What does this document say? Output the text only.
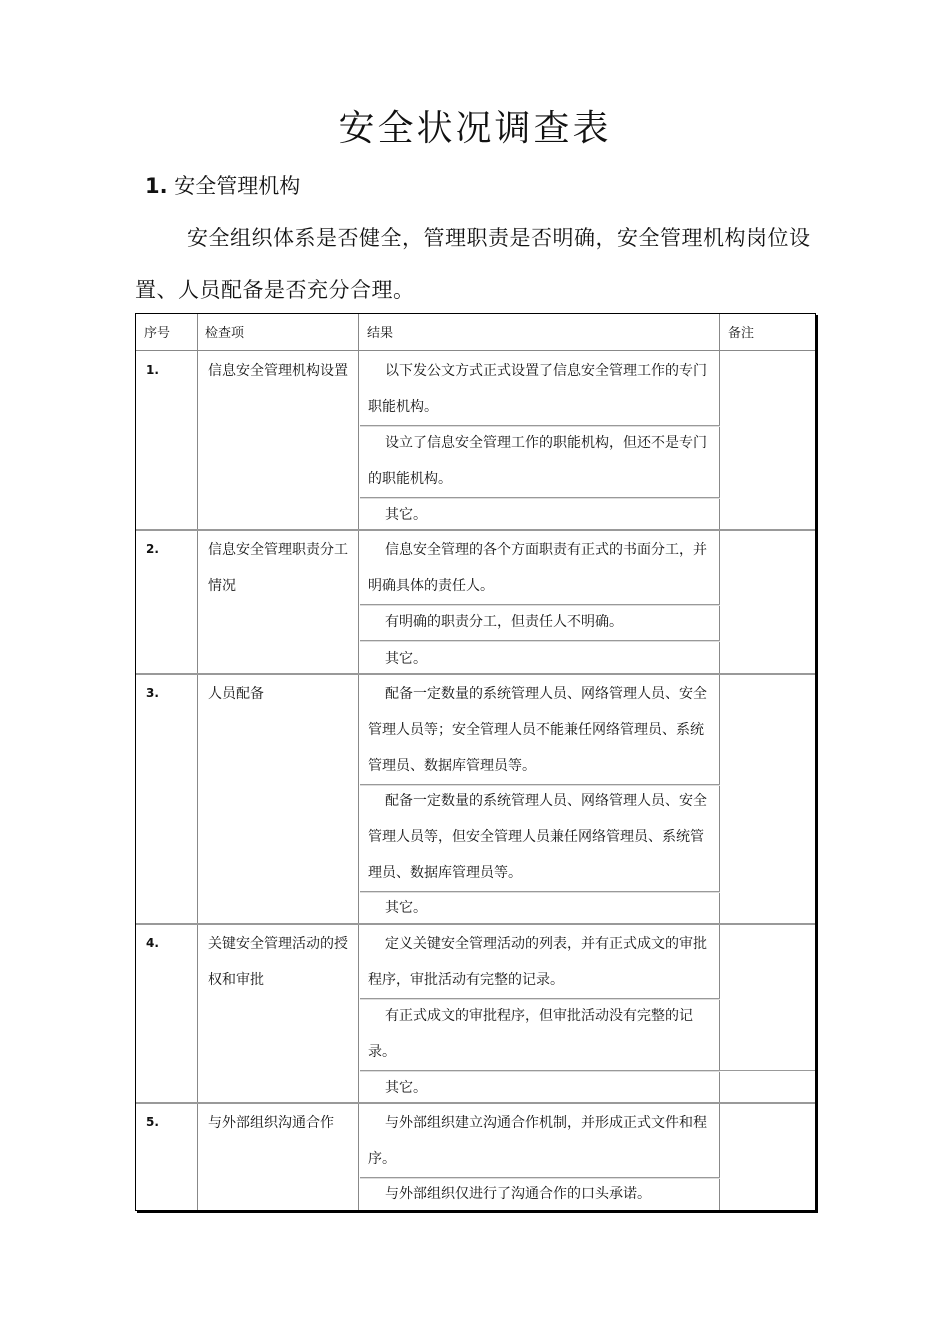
安全状况调查表
1. 安全管理机构
安全组织体系是否健全，管理职责是否明确，安全管理机构岗位设置、人员配备是否充分合理。
序号	检查项	结果	备注
1.	信息安全管理机构设置	以下发公文方式正式设置了信息安全管理工作的专门职能机构。
设立了信息安全管理工作的职能机构，但还不是专门的职能机构。
其它。
2.	信息安全管理职责分工情况
信息安全管理的各个方面职责有正式的书面分工，并明确具体的责任人。
有明确的职责分工，但责任人不明确。
其它。
3.	人员配备	配备一定数量的系统管理人员、网络管理人员、安全管理人员等；安全管理人员不能兼任网络管理员、系统管理员、数据库管理员等。
配备一定数量的系统管理人员、网络管理人员、安全管理人员等，但安全管理人员兼任网络管理员、系统管理员、数据库管理员等。
其它。
4.	关键安全管理活动的授权和审批
定义关键安全管理活动的列表，并有正式成文的审批程序，审批活动有完整的记录。
有正式成文的审批程序，但审批活动没有完整的记录。
其它。
5.	与外部组织沟通合作	与外部组织建立沟通合作机制，并形成正式文件和程序。
与外部组织仅进行了沟通合作的口头承诺。
